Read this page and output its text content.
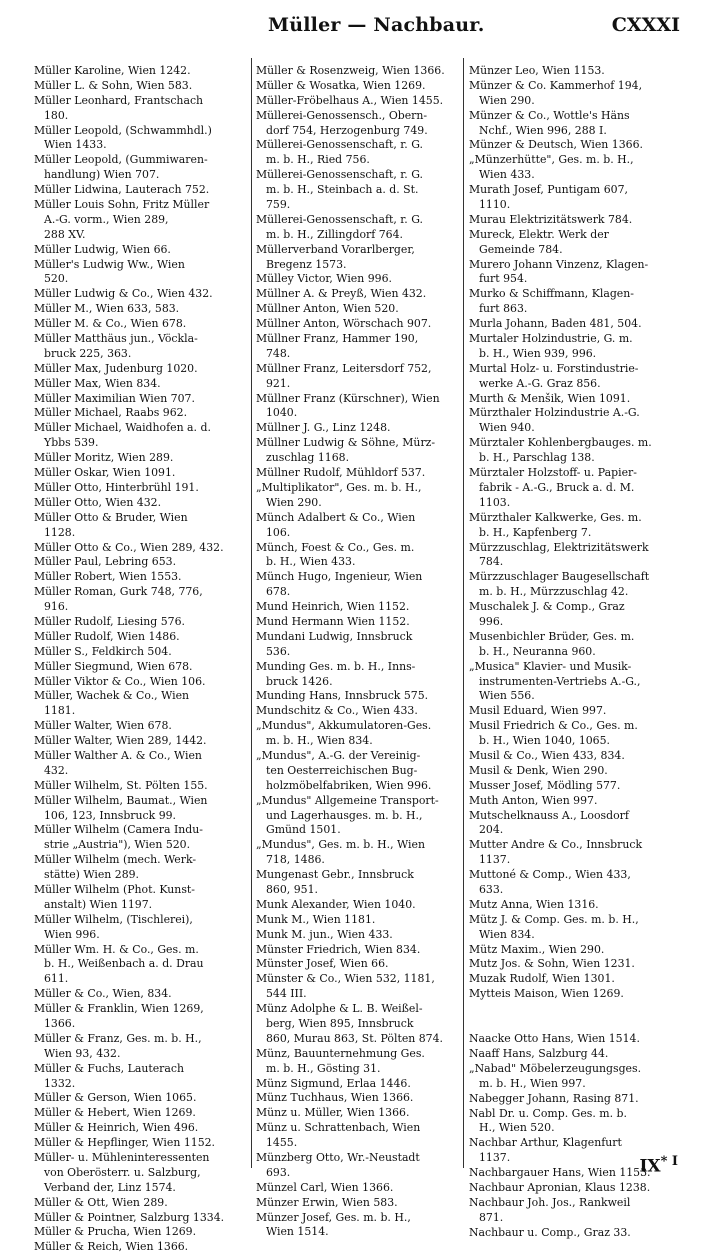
Müller — Nachbaur.	CXXXI
Müller Karoline, Wien 1242.
Müller L. & Sohn, Wien 583.
Müller Leonhard, Frantschach
180.
Müller Leopold, (Schwammhdl.)
Wien 1433.
Müller Leopold, (Gummiwaren-
handlung) Wien 707.
Müller Lidwina, Lauterach 752.
Müller Louis Sohn, Fritz Müller
A.-G. vorm., Wien 289,
288 XV.
Müller Ludwig, Wien 66.
Müller's Ludwig Ww., Wien
520.
Müller Ludwig & Co., Wien 432.
Müller M., Wien 633, 583.
Müller M. & Co., Wien 678.
Müller Matthäus jun., Vöckla-
bruck 225, 363.
Müller Max, Judenburg 1020.
Müller Max, Wien 834.
Müller Maximilian Wien 707.
Müller Michael, Raabs 962.
Müller Michael, Waidhofen a. d.
Ybbs 539.
Müller Moritz, Wien 289.
Müller Oskar, Wien 1091.
Müller Otto, Hinterbrühl 191.
Müller Otto, Wien 432.
Müller Otto & Bruder, Wien
1128.
Müller Otto & Co., Wien 289, 432.
Müller Paul, Lebring 653.
Müller Robert, Wien 1553.
Müller Roman, Gurk 748, 776,
916.
Müller Rudolf, Liesing 576.
Müller Rudolf, Wien 1486.
Müller S., Feldkirch 504.
Müller Siegmund, Wien 678.
Müller Viktor & Co., Wien 106.
Müller, Wachek & Co., Wien
1181.
Müller Walter, Wien 678.
Müller Walter, Wien 289, 1442.
Müller Walther A. & Co., Wien
432.
Müller Wilhelm, St. Pölten 155.
Müller Wilhelm, Baumat., Wien
106, 123, Innsbruck 99.
Müller Wilhelm (Camera Indu-
strie „Austria"), Wien 520.
Müller Wilhelm (mech. Werk-
stätte) Wien 289.
Müller Wilhelm (Phot. Kunst-
anstalt) Wien 1197.
Müller Wilhelm, (Tischlerei),
Wien 996.
Müller Wm. H. & Co., Ges. m.
b. H., Weißenbach a. d. Drau
611.
Müller & Co., Wien, 834.
Müller & Franklin, Wien 1269,
1366.
Müller & Franz, Ges. m. b. H.,
Wien 93, 432.
Müller & Fuchs, Lauterach
1332.
Müller & Gerson, Wien 1065.
Müller & Hebert, Wien 1269.
Müller & Heinrich, Wien 496.
Müller & Hepflinger, Wien 1152.
Müller- u. Mühleninteressenten
von Oberösterr. u. Salzburg,
Verband der, Linz 1574.
Müller & Ott, Wien 289.
Müller & Pointner, Salzburg 1334.
Müller & Prucha, Wien 1269.
Müller & Reich, Wien 1366.
Müller & Rosenzweig, Wien 1366.
Müller & Wosatka, Wien 1269.
Müller-Fröbelhaus A., Wien 1455.
Müllerei-Genossensch., Obern-
dorf 754, Herzogenburg 749.
Müllerei-Genossenschaft, r. G.
m. b. H., Ried 756.
Müllerei-Genossenschaft, r. G.
m. b. H., Steinbach a. d. St.
759.
Müllerei-Genossenschaft, r. G.
m. b. H., Zillingdorf 764.
Müllerverband Vorarlberger,
Bregenz 1573.
Mülley Victor, Wien 996.
Müllner A. & Preyß, Wien 432.
Müllner Anton, Wien 520.
Müllner Anton, Wörschach 907.
Müllner Franz, Hammer 190,
748.
Müllner Franz, Leitersdorf 752,
921.
Müllner Franz (Kürschner), Wien
1040.
Müllner J. G., Linz 1248.
Müllner Ludwig & Söhne, Mürz-
zuschlag 1168.
Müllner Rudolf, Mühldorf 537.
„Multiplikator", Ges. m. b. H.,
Wien 290.
Münch Adalbert & Co., Wien
106.
Münch, Foest & Co., Ges. m.
b. H., Wien 433.
Münch Hugo, Ingenieur, Wien
678.
Mund Heinrich, Wien 1152.
Mund Hermann Wien 1152.
Mundani Ludwig, Innsbruck
536.
Munding Ges. m. b. H., Inns-
bruck 1426.
Munding Hans, Innsbruck 575.
Mundschitz & Co., Wien 433.
„Mundus", Akkumulatoren-Ges.
m. b. H., Wien 834.
„Mundus", A.-G. der Vereinig-
ten Oesterreichischen Bug-
holzmöbelfabriken, Wien 996.
„Mundus" Allgemeine Transport-
und Lagerhausges. m. b. H.,
Gmünd 1501.
„Mundus", Ges. m. b. H., Wien
718, 1486.
Mungenast Gebr., Innsbruck
860, 951.
Munk Alexander, Wien 1040.
Munk M., Wien 1181.
Munk M. jun., Wien 433.
Münster Friedrich, Wien 834.
Münster Josef, Wien 66.
Münster & Co., Wien 532, 1181,
544 III.
Münz Adolphe & L. B. Weißel-
berg, Wien 895, Innsbruck
860, Murau 863, St. Pölten 874.
Münz, Bauunternehmung Ges.
m. b. H., Gösting 31.
Münz Sigmund, Erlaa 1446.
Münz Tuchhaus, Wien 1366.
Münz u. Müller, Wien 1366.
Münz u. Schrattenbach, Wien
1455.
Münzberg Otto, Wr.-Neustadt
693.
Münzel Carl, Wien 1366.
Münzer Erwin, Wien 583.
Münzer Josef, Ges. m. b. H.,
Wien 1514.
Münzer Leo, Wien 1153.
Münzer & Co. Kammerhof 194,
Wien 290.
Münzer & Co., Wottle's Häns
Nchf., Wien 996, 288 I.
Münzer & Deutsch, Wien 1366.
„Münzerhütte", Ges. m. b. H.,
Wien 433.
Murath Josef, Puntigam 607,
1110.
Murau Elektrizitätswerk 784.
Mureck, Elektr. Werk der
Gemeinde 784.
Murero Johann Vinzenz, Klagen-
furt 954.
Murko & Schiffmann, Klagen-
furt 863.
Murla Johann, Baden 481, 504.
Murtaler Holzindustrie, G. m.
b. H., Wien 939, 996.
Murtal Holz- u. Forstindustrie-
werke A.-G. Graz 856.
Murth & Menšik, Wien 1091.
Mürzthaler Holzindustrie A.-G.
Wien 940.
Mürztaler Kohlenbergbauges. m.
b. H., Parschlag 138.
Mürztaler Holzstoff- u. Papier-
fabrik - A.-G., Bruck a. d. M.
1103.
Mürzthaler Kalkwerke, Ges. m.
b. H., Kapfenberg 7.
Mürzzuschlag, Elektrizitätswerk
784.
Mürzzuschlager Baugesellschaft
m. b. H., Mürzzuschlag 42.
Muschalek J. & Comp., Graz
996.
Musenbichler Brüder, Ges. m.
b. H., Neuranna 960.
„Musica" Klavier- und Musik-
instrumenten-Vertriebs A.-G.,
Wien 556.
Musil Eduard, Wien 997.
Musil Friedrich & Co., Ges. m.
b. H., Wien 1040, 1065.
Musil & Co., Wien 433, 834.
Musil & Denk, Wien 290.
Musser Josef, Mödling 577.
Muth Anton, Wien 997.
Mutschelknauss A., Loosdorf
204.
Mutter Andre & Co., Innsbruck
1137.
Muttoné & Comp., Wien 433,
633.
Mutz Anna, Wien 1316.
Mütz J. & Comp. Ges. m. b. H.,
Wien 834.
Mütz Maxim., Wien 290.
Mutz Jos. & Sohn, Wien 1231.
Muzak Rudolf, Wien 1301.
Mytteis Maison, Wien 1269.
Naacke Otto Hans, Wien 1514.
Naaff Hans, Salzburg 44.
„Nabad" Möbelerzeugungsges.
m. b. H., Wien 997.
Nabegger Johann, Rasing 871.
Nabl Dr. u. Comp. Ges. m. b.
H., Wien 520.
Nachbar Arthur, Klagenfurt
1137.
Nachbargauer Hans, Wien 1153.
Nachbaur Apronian, Klaus 1238.
Nachbaur Joh. Jos., Rankweil
871.
Nachbaur u. Comp., Graz 33.
$IX^{* I}$
